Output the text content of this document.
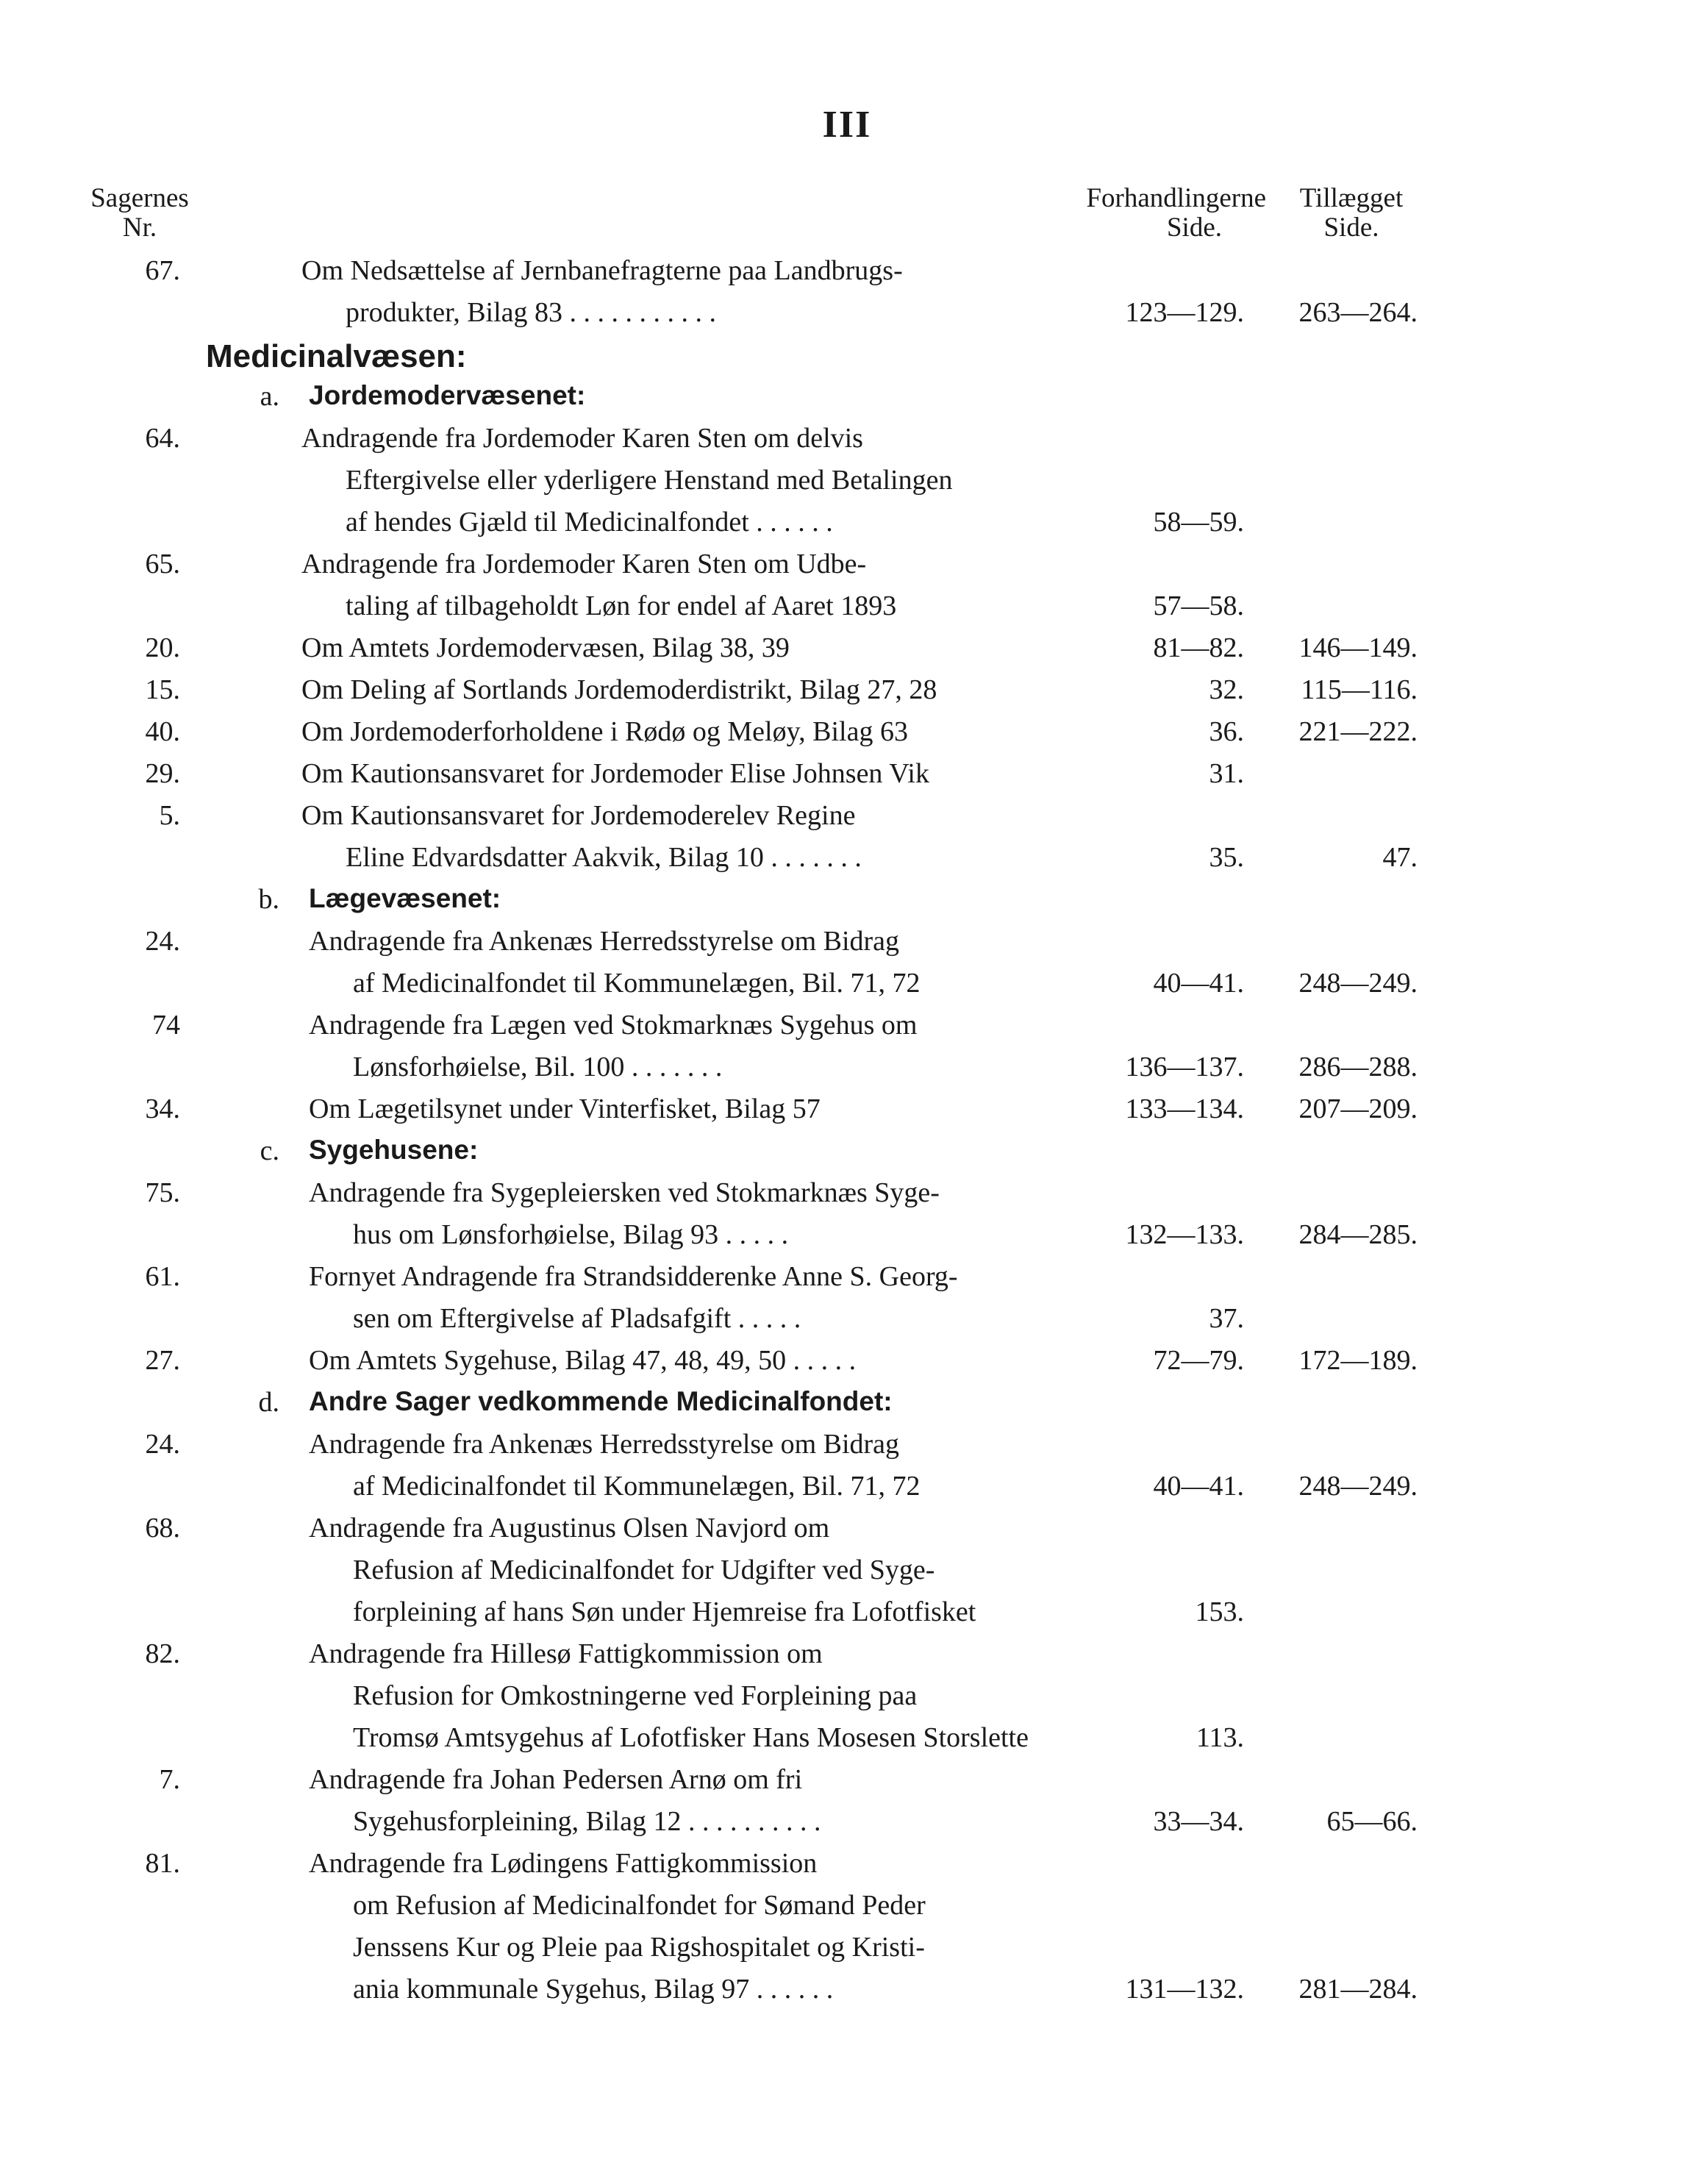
III
Sagernes
Nr.
Forhandlingerne
Side.
Tillægget
Side.
67.	Om Nedsættelse af Jernbanefragterne paa Landbrugs-
produkter, Bilag 83 . . . . . . . . . . .	123—129.	263—264.
Medicinalvæsen:
a. Jordemodervæsenet:
64.	Andragende fra Jordemoder Karen Sten om delvis
Eftergivelse eller yderligere Henstand med Betalingen
af hendes Gjæld til Medicinalfondet . . . . . .	58—59.
65.	Andragende fra Jordemoder Karen Sten om Udbe-
taling af tilbageholdt Løn for endel af Aaret 1893	57—58.
20.	Om Amtets Jordemodervæsen, Bilag 38, 39	81—82.	146—149.
15.	Om Deling af Sortlands Jordemoderdistrikt, Bilag 27, 28	32.	115—116.
40.	Om Jordemoderforholdene i Rødø og Meløy, Bilag 63	36.	221—222.
29.	Om Kautionsansvaret for Jordemoder Elise Johnsen Vik	31.
5.	Om Kautionsansvaret for Jordemoderelev Regine
Eline Edvardsdatter Aakvik, Bilag 10 . . . . . . .	35.	47.
b. Lægevæsenet:
24.	Andragende fra Ankenæs Herredsstyrelse om Bidrag
af Medicinalfondet til Kommunelægen, Bil. 71, 72	40—41.	248—249.
74	Andragende fra Lægen ved Stokmarknæs Sygehus om
Lønsforhøielse, Bil. 100 . . . . . . .	136—137.	286—288.
34.	Om Lægetilsynet under Vinterfisket, Bilag 57	133—134.	207—209.
c. Sygehusene:
75.	Andragende fra Sygepleiersken ved Stokmarknæs Syge-
hus om Lønsforhøielse, Bilag 93 . . . . .	132—133.	284—285.
61.	Fornyet Andragende fra Strandsidderenke Anne S. Georg-
sen om Eftergivelse af Pladsafgift . . . . .	37.
27.	Om Amtets Sygehuse, Bilag 47, 48, 49, 50 . . . . .	72—79.	172—189.
d. Andre Sager vedkommende Medicinalfondet:
24.	Andragende fra Ankenæs Herredsstyrelse om Bidrag
af Medicinalfondet til Kommunelægen, Bil. 71, 72	40—41.	248—249.
68.	Andragende fra Augustinus Olsen Navjord om
Refusion af Medicinalfondet for Udgifter ved Syge-
forpleining af hans Søn under Hjemreise fra Lofotfisket	153.
82.	Andragende fra Hillesø Fattigkommission om
Refusion for Omkostningerne ved Forpleining paa
Tromsø Amtsygehus af Lofotfisker Hans Mosesen Storslette	113.
7.	Andragende fra Johan Pedersen Arnø om fri
Sygehusforpleining, Bilag 12 . . . . . . . . . .	33—34.	65—66.
81.	Andragende fra Lødingens Fattigkommission
om Refusion af Medicinalfondet for Sømand Peder
Jenssens Kur og Pleie paa Rigshospitalet og Kristi-
ania kommunale Sygehus, Bilag 97 . . . . . .	131—132.	281—284.
